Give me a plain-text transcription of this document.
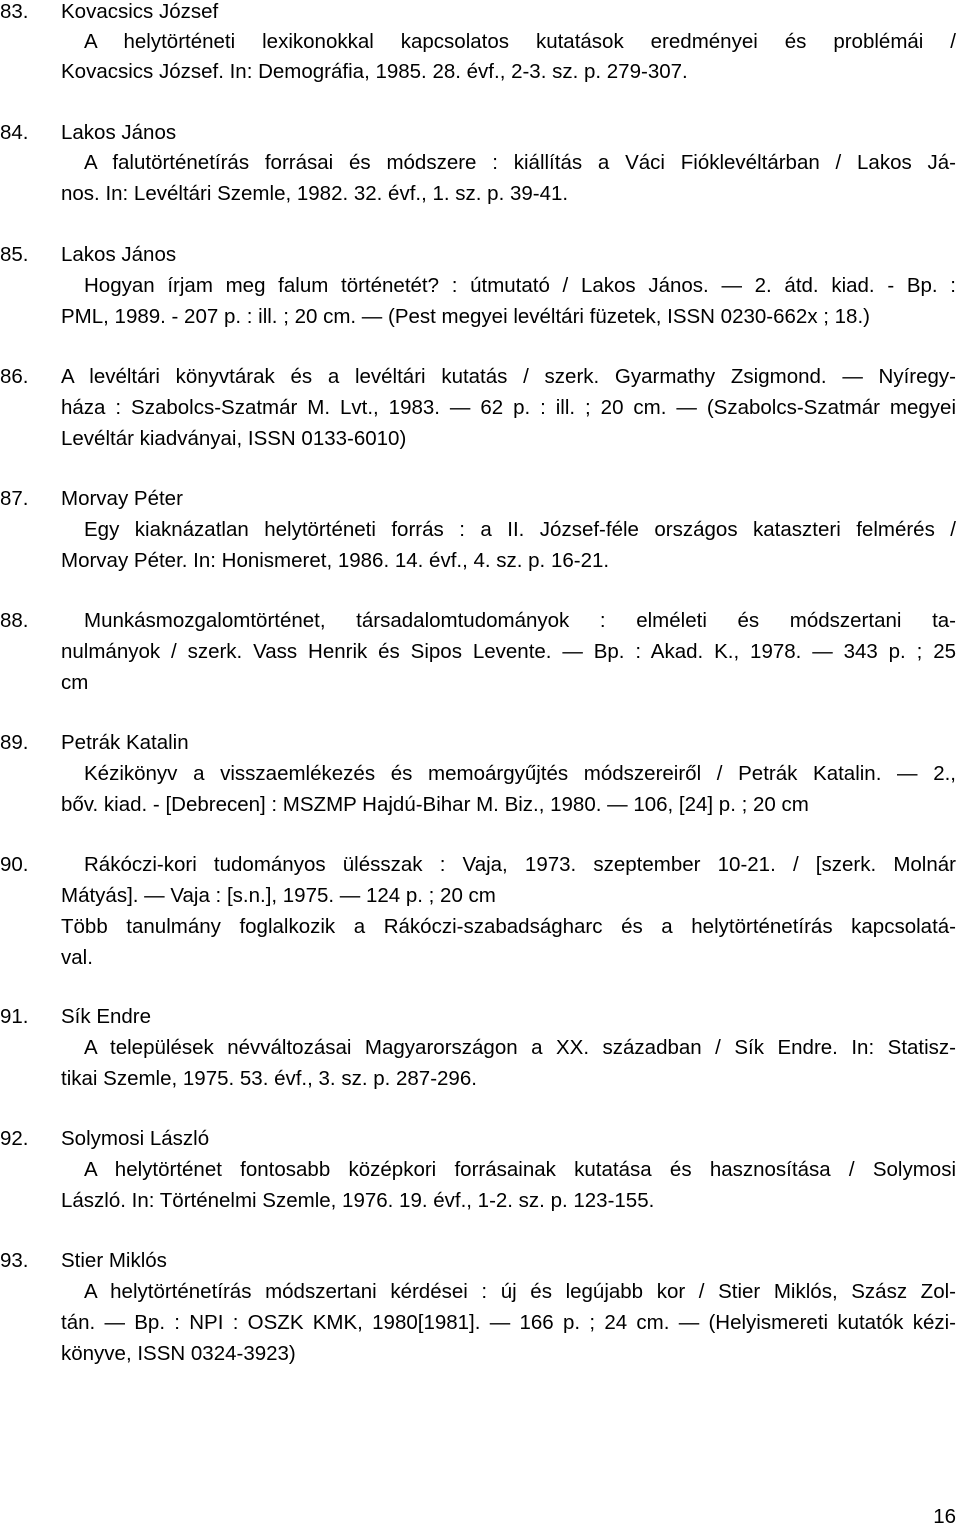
83. Kovacsics József
A helytörténeti lexikonokkal kapcsolatos kutatások eredményei és problémái /
Kovacsics József. In: Demográfia, 1985. 28. évf., 2-3. sz. p. 279-307.
84. Lakos János
A falutörténetírás forrásai és módszere : kiállítás a Váci Fióklevéltárban / Lakos Já-
nos. In: Levéltári Szemle, 1982. 32. évf., 1. sz. p. 39-41.
85. Lakos János
Hogyan írjam meg falum történetét? : útmutató / Lakos János. ― 2. átd. kiad. - Bp. :
PML, 1989. - 207 p. : ill. ; 20 cm. ― (Pest megyei levéltári füzetek, ISSN 0230-662x ; 18.)
86. A levéltári könyvtárak és a levéltári kutatás / szerk. Gyarmathy Zsigmond. ― Nyíregy-
háza : Szabolcs-Szatmár M. Lvt., 1983. ― 62 p. : ill. ; 20 cm. ― (Szabolcs-Szatmár megyei
Levéltár kiadványai, ISSN 0133-6010)
87. Morvay Péter
Egy kiaknázatlan helytörténeti forrás : a II. József-féle országos kataszteri felmérés /
Morvay Péter. In: Honismeret, 1986. 14. évf., 4. sz. p. 16-21.
88.	Munkásmozgalomtörténet, társadalomtudományok : elméleti és módszertani ta-
nulmányok / szerk. Vass Henrik és Sipos Levente. ― Bp. : Akad. K., 1978. ― 343 p. ; 25
cm
89. Petrák Katalin
Kézikönyv a visszaemlékezés és memoárgyűjtés módszereiről / Petrák Katalin. ― 2.,
bőv. kiad. - [Debrecen] : MSZMP Hajdú-Bihar M. Biz., 1980. ― 106, [24] p. ; 20 cm
90.	Rákóczi-kori tudományos ülésszak : Vaja, 1973. szeptember 10-21. / [szerk. Molnár
Mátyás]. ― Vaja : [s.n.], 1975. ― 124 p. ; 20 cm
Több tanulmány foglalkozik a Rákóczi-szabadságharc és a helytörténetírás kapcsolatá-
val.
91. Sík Endre
A települések névváltozásai Magyarországon a XX. században / Sík Endre. In: Statisz-
tikai Szemle, 1975. 53. évf., 3. sz. p. 287-296.
92. Solymosi László
A helytörténet fontosabb középkori forrásainak kutatása és hasznosítása / Solymosi
László. In: Történelmi Szemle, 1976. 19. évf., 1-2. sz. p. 123-155.
93. Stier Miklós
A helytörténetírás módszertani kérdései : új és legújabb kor / Stier Miklós, Szász Zol-
tán. ― Bp. : NPI : OSZK KMK, 1980[1981]. ― 166 p. ; 24 cm. ― (Helyismereti kutatók kézi-
könyve, ISSN 0324-3923)
16
